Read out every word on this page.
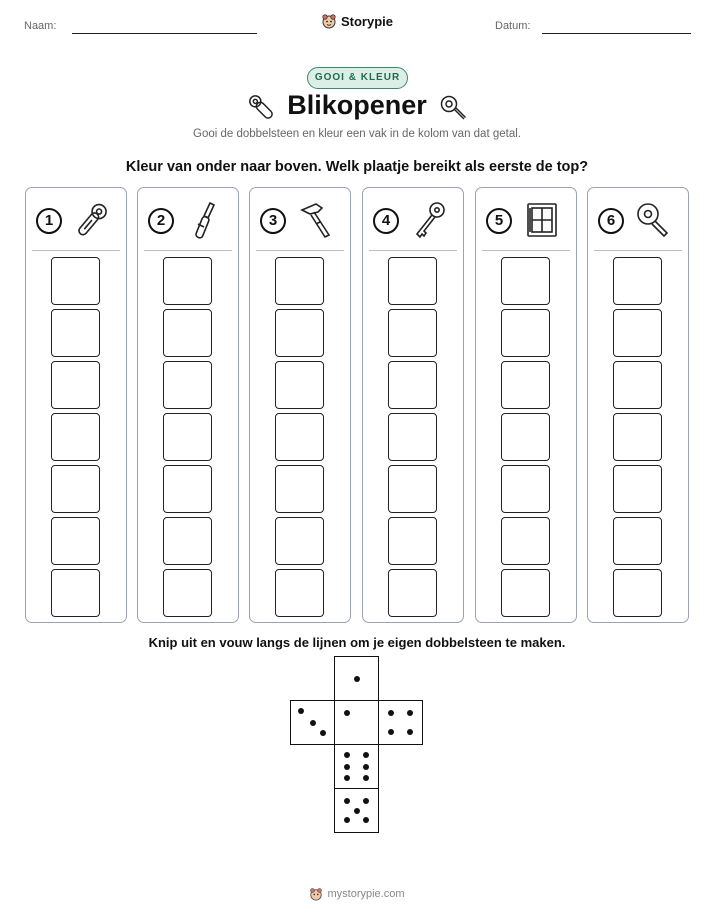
Naam:	Storypie	Datum:
GOOI & KLEUR
Blikopener
Gooi de dobbelsteen en kleur een vak in de kolom van dat getal.
Kleur van onder naar boven. Welk plaatje bereikt als eerste de top?
1	2	3	4	5	6
Knip uit en vouw langs de lijnen om je eigen dobbelsteen te maken.
mystorypie.com
